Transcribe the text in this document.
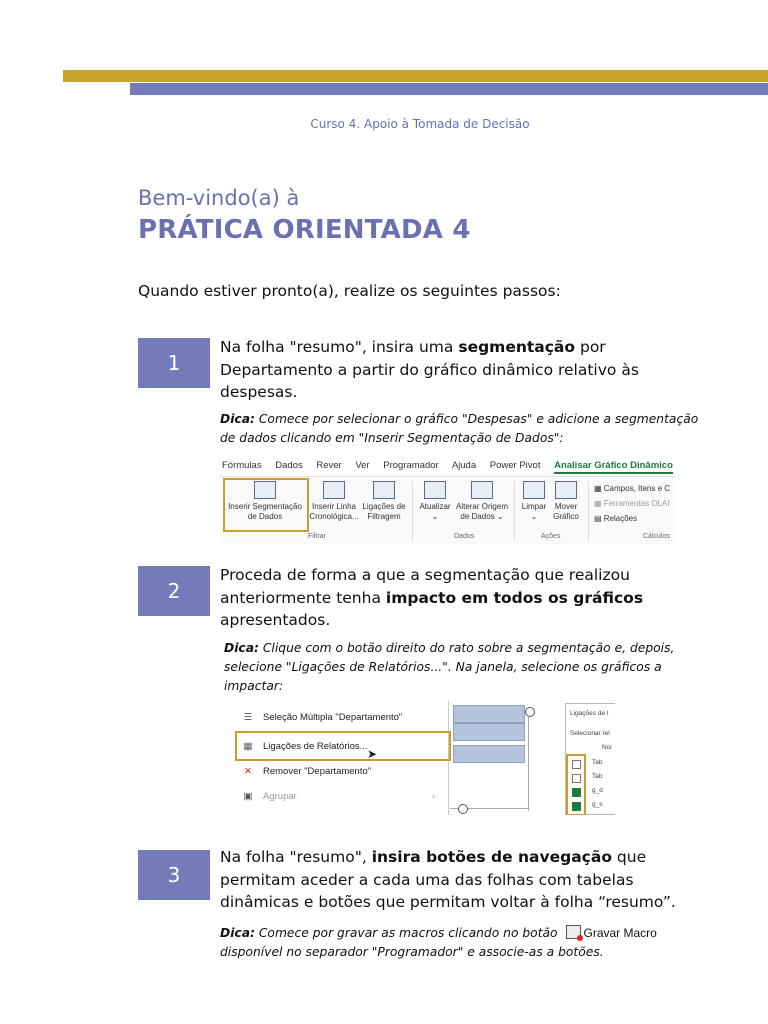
Curso 4. Apoio à Tomada de Decisão
Bem-vindo(a) à
PRÁTICA ORIENTADA 4
Quando estiver pronto(a), realize os seguintes passos:
1
Na folha "resumo", insira uma segmentação por Departamento a partir do gráfico dinâmico relativo às despesas.
Dica: Comece por selecionar o gráfico "Despesas" e adicione a segmentação de dados clicando em "Inserir Segmentação de Dados":
Fórmulas Dados Rever Ver Programador Ajuda Power Pivot Analisar Gráfico Dinâmico
Inserir Segmentação
de Dados
Inserir Linha
Cronológica...
Ligações de
Filtragem
Atualizar
⌄
Alterar Origem
de Dados ⌄
Limpar
⌄
Mover
Gráfico
▦ Campos, Itens e C
▦ Ferramentas OLAI
▤ Relações
Filtrar	Dados	Ações	Cálculos
2
Proceda de forma a que a segmentação que realizou anteriormente tenha impacto em todos os gráficos apresentados.
Dica: Clique com o botão direito do rato sobre a segmentação e, depois, selecione "Ligações de Relatórios...". Na janela, selecione os gráficos a impactar:
☰ Seleção Múltipla "Departamento"
▦ Ligações de Relatórios...
➤
✕	Remover "Departamento"
▣ Agrupar	›
Ligações de I
Selecionar rel
Noi
Tab
Tab
g_d
g_s
3
Na folha "resumo", insira botões de navegação que permitam aceder a cada uma das folhas com tabelas dinâmicas e botões que permitam voltar à folha “resumo”.
Dica: Comece por gravar as macros clicando no botão Gravar Macro disponível no separador "Programador" e associe-as a botões.
